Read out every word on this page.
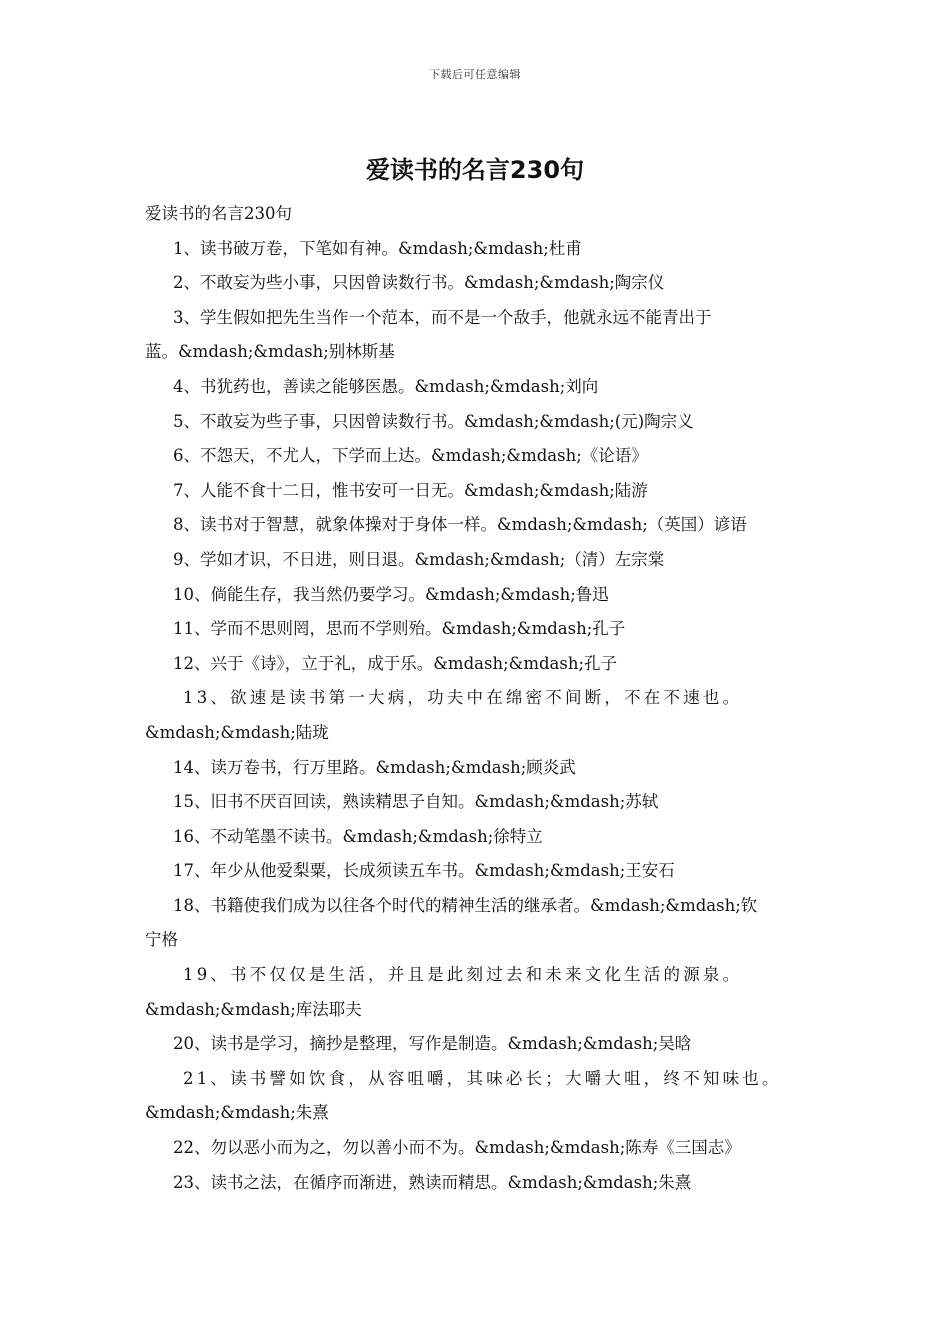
下载后可任意编辑
爱读书的名言230句
爱读书的名言230句
1、读书破万卷，下笔如有神。&mdash;&mdash;杜甫
2、不敢妄为些小事，只因曾读数行书。&mdash;&mdash;陶宗仪
3、学生假如把先生当作一个范本，而不是一个敌手，他就永远不能青出于
蓝。&mdash;&mdash;别林斯基
4、书犹药也，善读之能够医愚。&mdash;&mdash;刘向
5、不敢妄为些子事，只因曾读数行书。&mdash;&mdash;(元)陶宗义
6、不怨天，不尤人，下学而上达。&mdash;&mdash;《论语》
7、人能不食十二日，惟书安可一日无。&mdash;&mdash;陆游
8、读书对于智慧，就象体操对于身体一样。&mdash;&mdash;（英国）谚语
9、学如才识，不日进，则日退。&mdash;&mdash;（清）左宗棠
10、倘能生存，我当然仍要学习。&mdash;&mdash;鲁迅
11、学而不思则罔，思而不学则殆。&mdash;&mdash;孔子
12、兴于《诗》，立于礼，成于乐。&mdash;&mdash;孔子
13、欲速是读书第一大病，功夫中在绵密不间断，不在不速也。
&mdash;&mdash;陆珑
14、读万卷书，行万里路。&mdash;&mdash;顾炎武
15、旧书不厌百回读，熟读精思子自知。&mdash;&mdash;苏轼
16、不动笔墨不读书。&mdash;&mdash;徐特立
17、年少从他爱梨粟，长成须读五车书。&mdash;&mdash;王安石
18、书籍使我们成为以往各个时代的精神生活的继承者。&mdash;&mdash;钦
宁格
19、书不仅仅是生活，并且是此刻过去和未来文化生活的源泉。
&mdash;&mdash;库法耶夫
20、读书是学习，摘抄是整理，写作是制造。&mdash;&mdash;吴晗
21、读书譬如饮食，从容咀嚼，其味必长；大嚼大咀，终不知味也。
&mdash;&mdash;朱熹
22、勿以恶小而为之，勿以善小而不为。&mdash;&mdash;陈寿《三国志》
23、读书之法，在循序而渐进，熟读而精思。&mdash;&mdash;朱熹
